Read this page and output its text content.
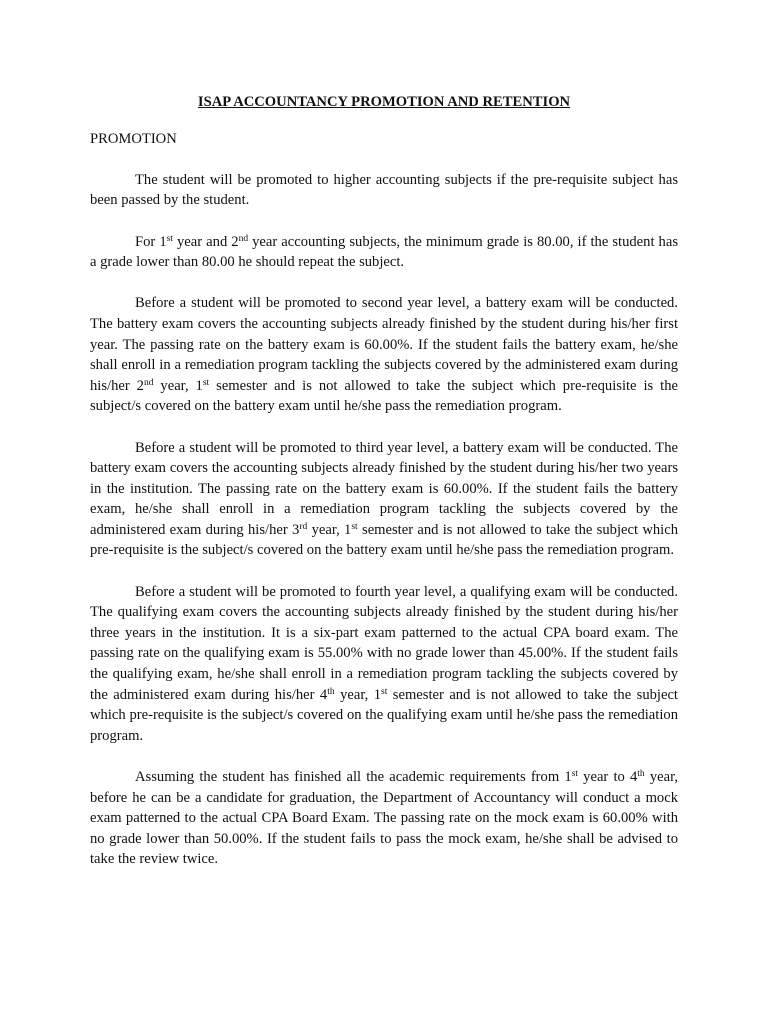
ISAP ACCOUNTANCY PROMOTION AND RETENTION
PROMOTION

The student will be promoted to higher accounting subjects if the pre-requisite subject has been passed by the student.

For 1st year and 2nd year accounting subjects, the minimum grade is 80.00, if the student has a grade lower than 80.00 he should repeat the subject.

Before a student will be promoted to second year level, a battery exam will be conducted. The battery exam covers the accounting subjects already finished by the student during his/her first year. The passing rate on the battery exam is 60.00%. If the student fails the battery exam, he/she shall enroll in a remediation program tackling the subjects covered by the administered exam during his/her 2nd year, 1st semester and is not allowed to take the subject which pre-requisite is the subject/s covered on the battery exam until he/she pass the remediation program.

Before a student will be promoted to third year level, a battery exam will be conducted. The battery exam covers the accounting subjects already finished by the student during his/her two years in the institution. The passing rate on the battery exam is 60.00%. If the student fails the battery exam, he/she shall enroll in a remediation program tackling the subjects covered by the administered exam during his/her 3rd year, 1st semester and is not allowed to take the subject which pre-requisite is the subject/s covered on the battery exam until he/she pass the remediation program.

Before a student will be promoted to fourth year level, a qualifying exam will be conducted. The qualifying exam covers the accounting subjects already finished by the student during his/her three years in the institution. It is a six-part exam patterned to the actual CPA board exam. The passing rate on the qualifying exam is 55.00% with no grade lower than 45.00%. If the student fails the qualifying exam, he/she shall enroll in a remediation program tackling the subjects covered by the administered exam during his/her 4th year, 1st semester and is not allowed to take the subject which pre-requisite is the subject/s covered on the qualifying exam until he/she pass the remediation program.

Assuming the student has finished all the academic requirements from 1st year to 4th year, before he can be a candidate for graduation, the Department of Accountancy will conduct a mock exam patterned to the actual CPA Board Exam. The passing rate on the mock exam is 60.00% with no grade lower than 50.00%. If the student fails to pass the mock exam, he/she shall be advised to take the review twice.
